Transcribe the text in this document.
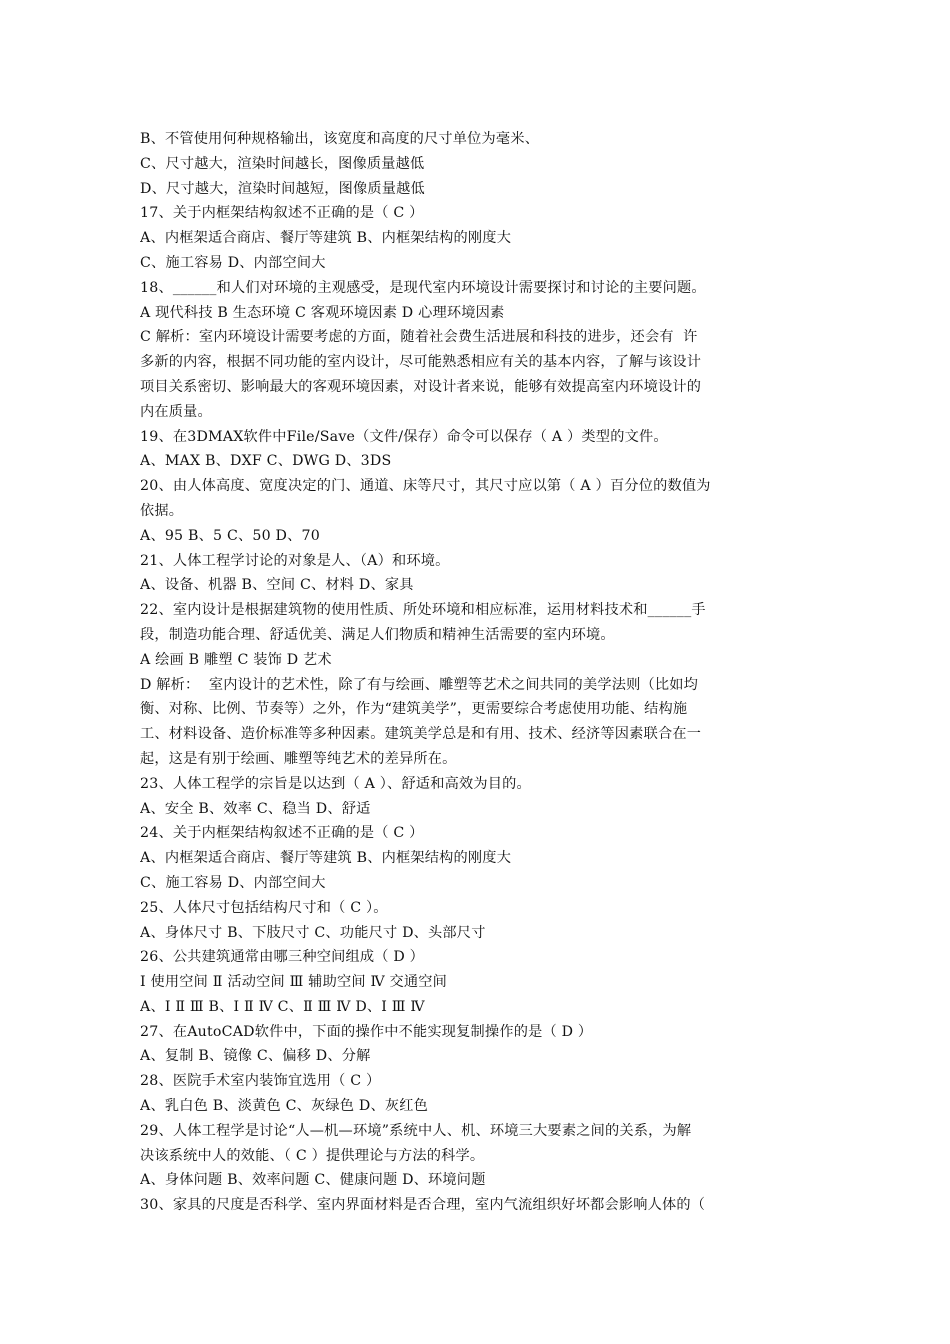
B、不管使用何种规格输出，该宽度和高度的尺寸单位为毫米、
C、尺寸越大，渲染时间越长，图像质量越低
D、尺寸越大，渲染时间越短，图像质量越低
17、关于内框架结构叙述不正确的是（ C ）
A、内框架适合商店、餐厅等建筑 B、内框架结构的刚度大
C、施工容易 D、内部空间大
18、______和人们对环境的主观感受，是现代室内环境设计需要探讨和讨论的主要问题。
A 现代科技 B 生态环境 C 客观环境因素 D 心理环境因素
C 解析：室内环境设计需要考虑的方面，随着社会费生活进展和科技的进步，还会有  许
多新的内容，根据不同功能的室内设计，尽可能熟悉相应有关的基本内容，了解与该设计
项目关系密切、影响最大的客观环境因素，对设计者来说，能够有效提高室内环境设计的
内在质量。
19、在3DMAX软件中File/Save（文件/保存）命令可以保存（ A ）类型的文件。
A、MAX B、DXF C、DWG D、3DS
20、由人体高度、宽度决定的门、通道、床等尺寸，其尺寸应以第（ A ）百分位的数值为
依据。
A、95 B、5 C、50 D、70
21、人体工程学讨论的对象是人、（A）和环境。
A、设备、机器 B、空间 C、材料 D、家具
22、室内设计是根据建筑物的使用性质、所处环境和相应标准，运用材料技术和______手
段，制造功能合理、舒适优美、满足人们物质和精神生活需要的室内环境。
A 绘画 B 雕塑 C 装饰 D 艺术
D 解析：  室内设计的艺术性，除了有与绘画、雕塑等艺术之间共同的美学法则（比如均
衡、对称、比例、节奏等）之外，作为“建筑美学”，更需要综合考虑使用功能、结构施
工、材料设备、造价标准等多种因素。建筑美学总是和有用、技术、经济等因素联合在一
起，这是有别于绘画、雕塑等纯艺术的差异所在。
23、人体工程学的宗旨是以达到（ A ）、舒适和高效为目的。
A、安全 B、效率 C、稳当 D、舒适
24、关于内框架结构叙述不正确的是（ C ）
A、内框架适合商店、餐厅等建筑 B、内框架结构的刚度大
C、施工容易 D、内部空间大
25、人体尺寸包括结构尺寸和（ C ）。
A、身体尺寸 B、下肢尺寸 C、功能尺寸 D、头部尺寸
26、公共建筑通常由哪三种空间组成（ D ）
Ⅰ 使用空间 Ⅱ 活动空间 Ⅲ 辅助空间 Ⅳ 交通空间
A、Ⅰ Ⅱ Ⅲ B、Ⅰ Ⅱ Ⅳ C、Ⅱ Ⅲ Ⅳ D、Ⅰ Ⅲ Ⅳ
27、在AutoCAD软件中，下面的操作中不能实现复制操作的是（ D ）
A、复制 B、镜像 C、偏移 D、分解
28、医院手术室内装饰宜选用（ C ）
A、乳白色 B、淡黄色 C、灰绿色 D、灰红色
29、人体工程学是讨论“人—机—环境”系统中人、机、环境三大要素之间的关系，为解
决该系统中人的效能、（ C ）提供理论与方法的科学。
A、身体问题 B、效率问题 C、健康问题 D、环境问题
30、家具的尺度是否科学、室内界面材料是否合理，室内气流组织好坏都会影响人体的（
